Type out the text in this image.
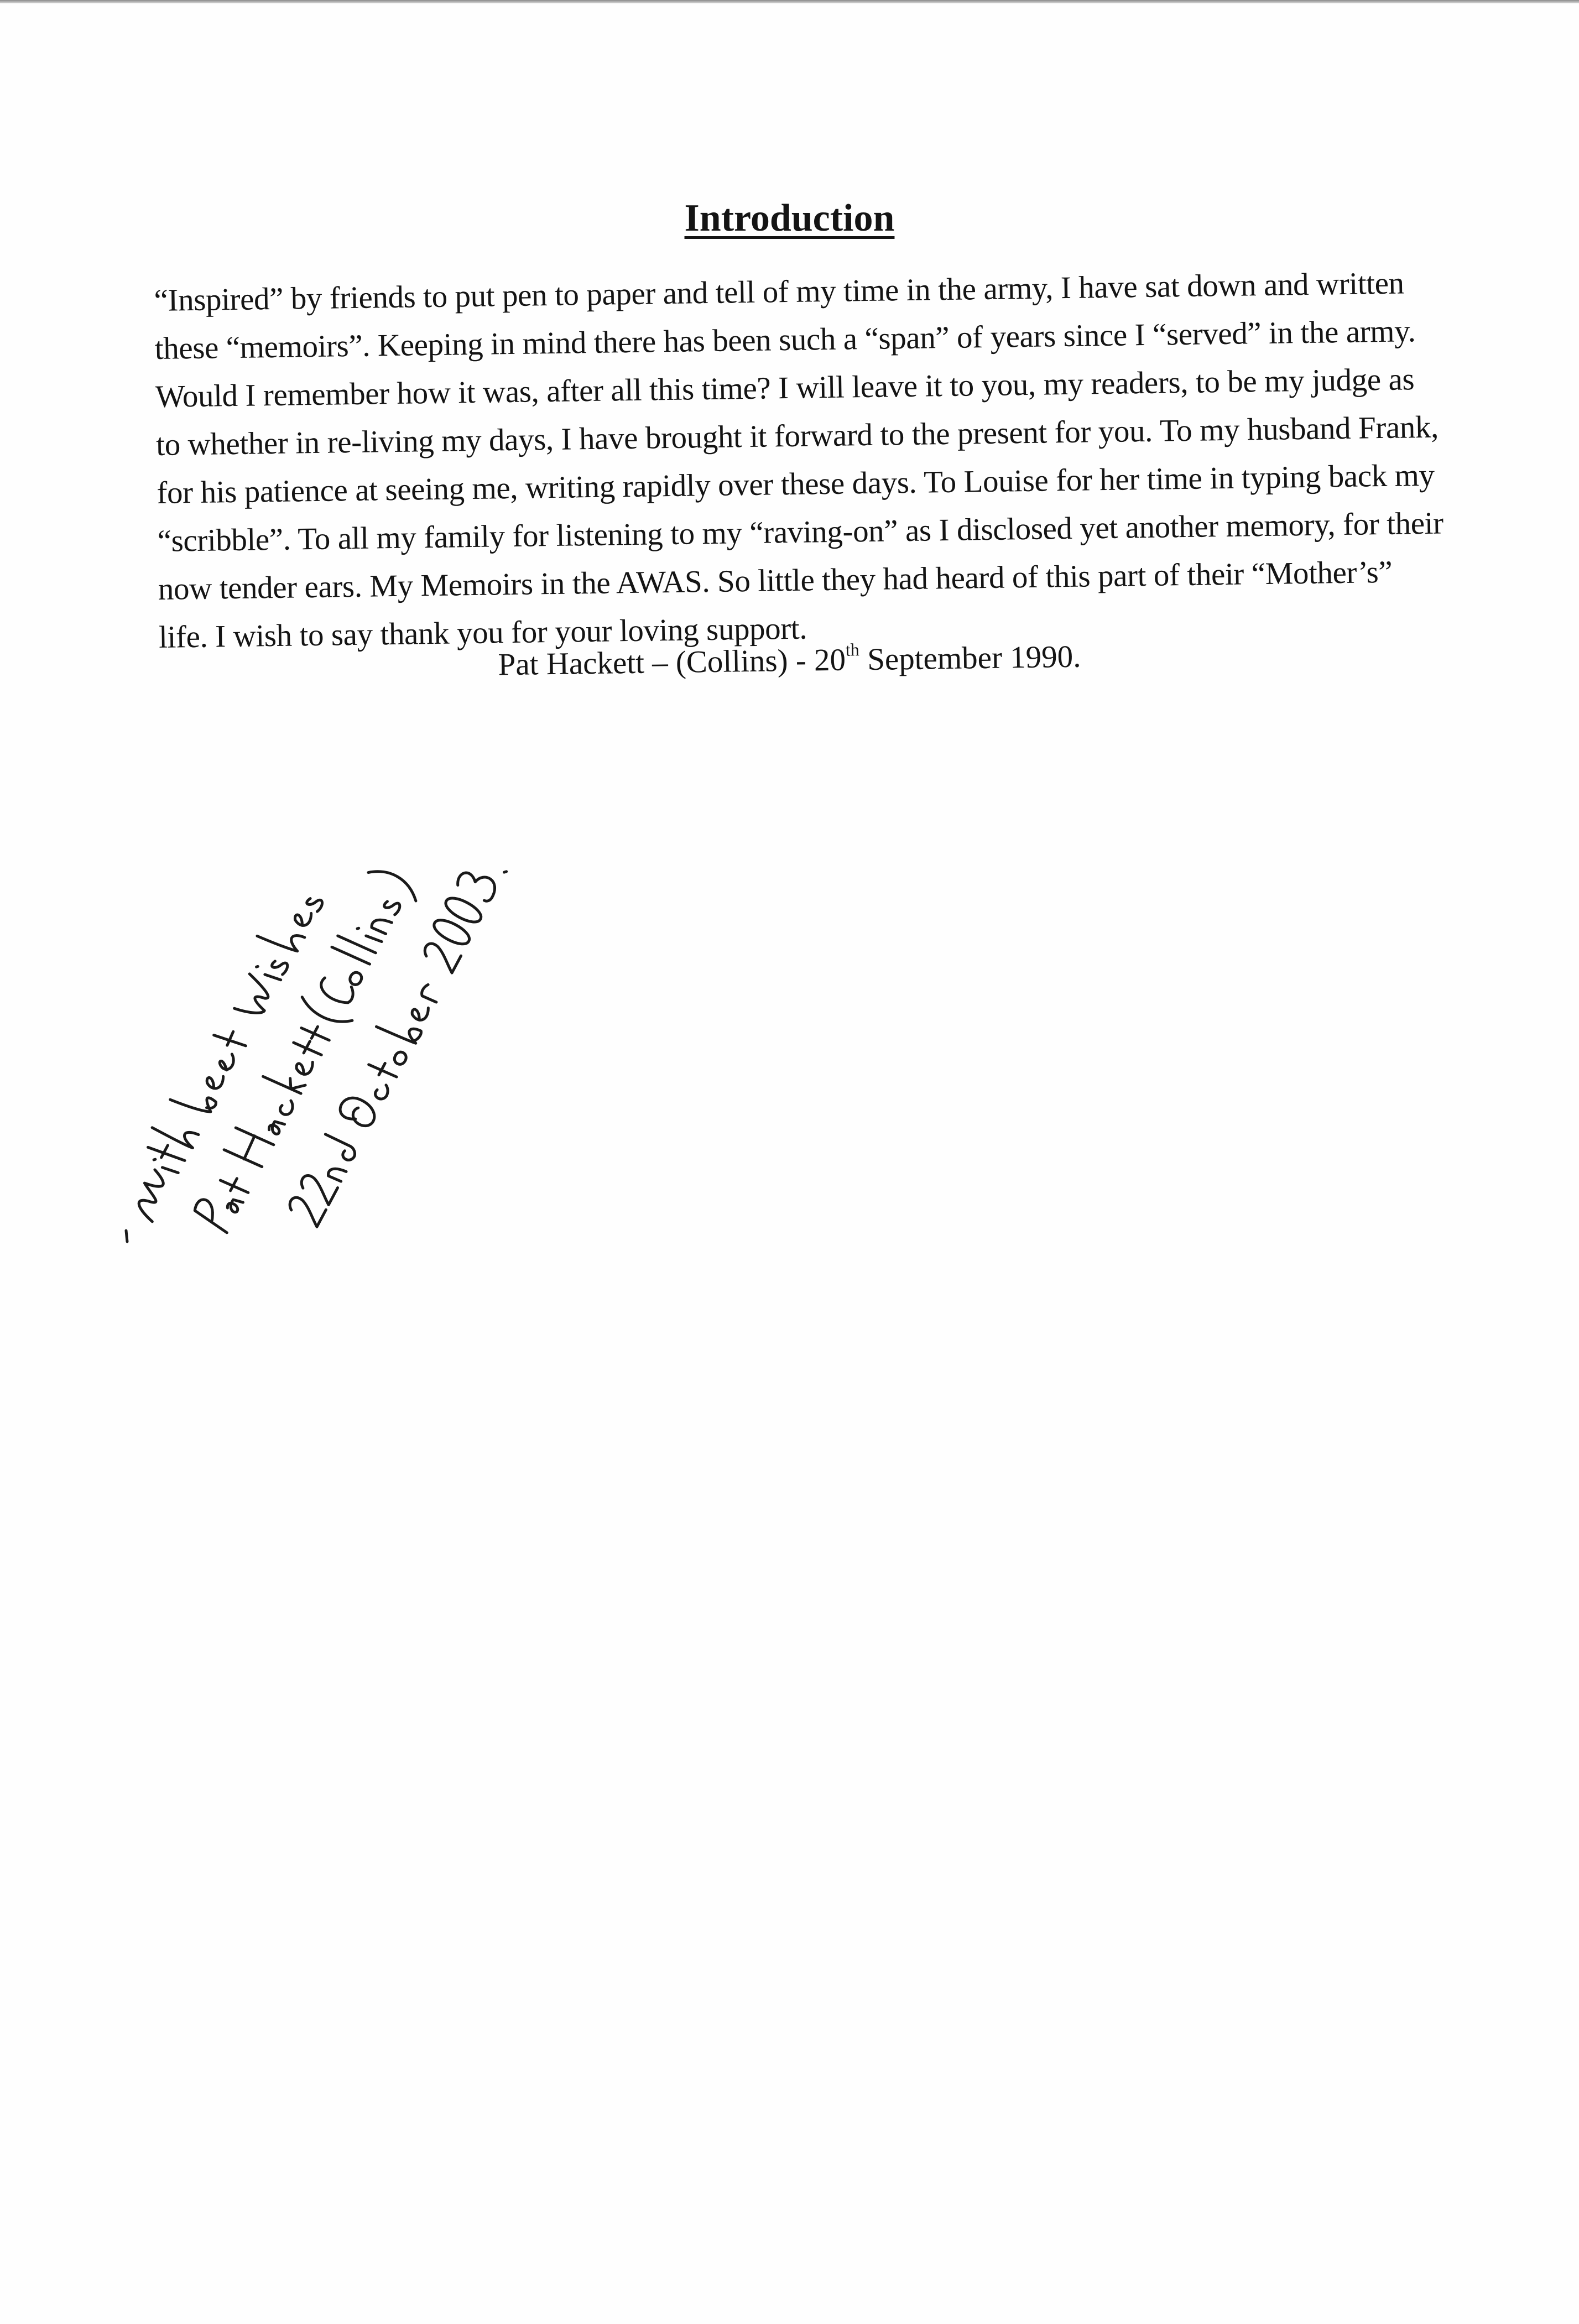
Introduction
“Inspired” by friends to put pen to paper and tell of my time in the army, I have sat down and written
these “memoirs”. Keeping in mind there has been such a “span” of years since I “served” in the army.
Would I remember how it was, after all this time? I will leave it to you, my readers, to be my judge as
to whether in re-living my days, I have brought it forward to the present for you. To my husband Frank,
for his patience at seeing me, writing rapidly over these days. To Louise for her time in typing back my
“scribble”. To all my family for listening to my “raving-on” as I disclosed yet another memory, for their
now tender ears. My Memoirs in the AWAS. So little they had heard of this part of their “Mother’s”
life. I wish to say thank you for your loving support.
Pat Hackett – (Collins) - 20th September 1990.
